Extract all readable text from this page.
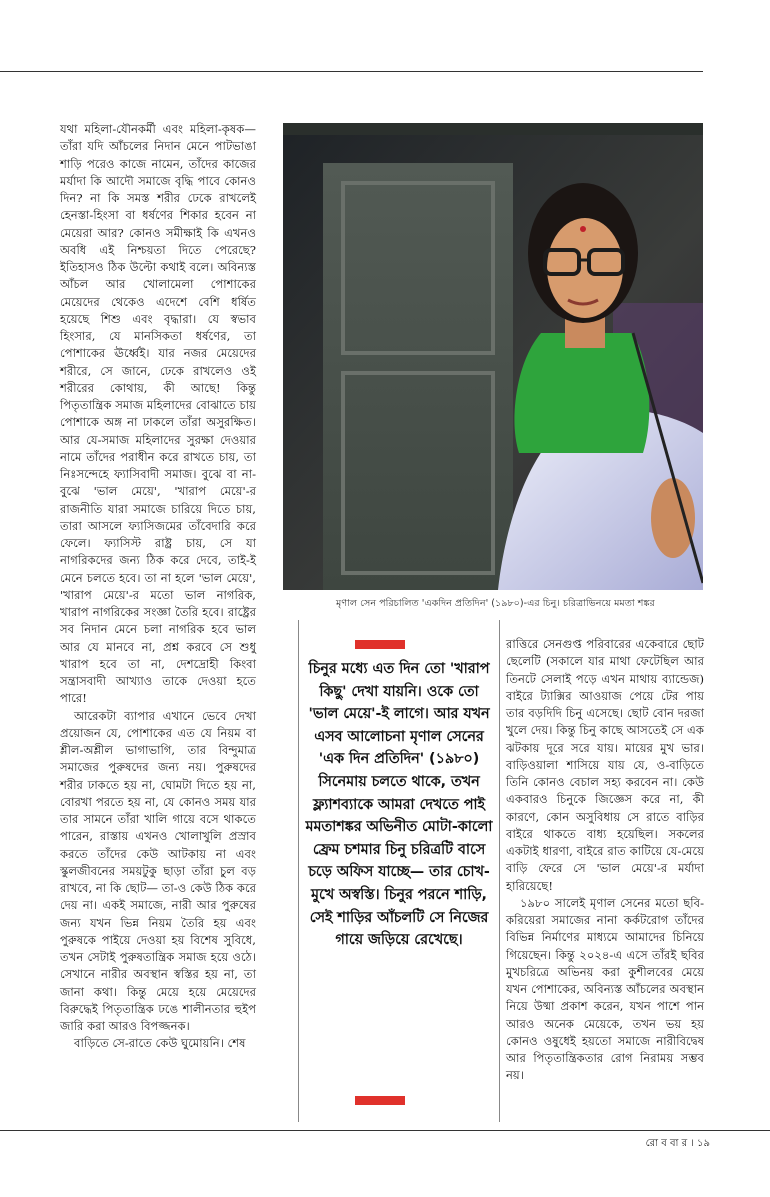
যথা মহিলা-যৌনকর্মী এবং মহিলা-কৃষক— তাঁরা যদি আঁচলের নিদান মেনে পাটভাঙা শাড়ি পরেও কাজে নামেন, তাঁদের কাজের মর্যাদা কি আদৌ সমাজে বৃদ্ধি পাবে কোনও দিন? না কি সমস্ত শরীর ঢেকে রাখলেই হেনস্তা-হিংসা বা ধর্ষণের শিকার হবেন না মেয়েরা আর? কোনও সমীক্ষাই কি এখনও অবধি এই নিশ্চয়তা দিতে পেরেছে? ইতিহাসও ঠিক উল্টো কথাই বলে। অবিন্যস্ত আঁচল আর খোলামেলা পোশাকের মেয়েদের থেকেও এদেশে বেশি ধর্ষিত হয়েছে শিশু এবং বৃদ্ধারা। যে স্বভাব হিংসার, যে মানসিকতা ধর্ষণের, তা পোশাকের ঊর্ধ্বেই। যার নজর মেয়েদের শরীরে, সে জানে, ঢেকে রাখলেও ওই শরীরের কোথায়, কী আছে! কিন্তু পিতৃতান্ত্রিক সমাজ মহিলাদের বোঝাতে চায় পোশাকে অঙ্গ না ঢাকলে তাঁরা অসুরক্ষিত। আর যে-সমাজ মহিলাদের সুরক্ষা দেওয়ার নামে তাঁদের পরাধীন করে রাখতে চায়, তা নিঃসন্দেহে ফ্যাসিবাদী সমাজ। বুঝে বা না-বুঝে 'ভাল মেয়ে', 'খারাপ মেয়ে'-র রাজনীতি যারা সমাজে চারিয়ে দিতে চায়, তারা আসলে ফ্যাসিজমের তাঁবেদারি করে ফেলে। ফ্যাসিস্ট রাষ্ট্র চায়, সে যা নাগরিকদের জন্য ঠিক করে দেবে, তাই-ই মেনে চলতে হবে। তা না হলে 'ভাল মেয়ে', 'খারাপ মেয়ে'-র মতো ভাল নাগরিক, খারাপ নাগরিকের সংজ্ঞা তৈরি হবে। রাষ্ট্রের সব নিদান মেনে চলা নাগরিক হবে ভাল আর যে মানবে না, প্রশ্ন করবে সে শুধু খারাপ হবে তা না, দেশদ্রোহী কিংবা সন্ত্রাসবাদী আখ্যাও তাকে দেওয়া হতে পারে!

আরেকটা ব্যাপার এখানে ভেবে দেখা প্রয়োজন যে, পোশাকের এত যে নিয়ম বা শ্লীল-অশ্লীল ভাগাভাগি, তার বিন্দুমাত্র সমাজের পুরুষদের জন্য নয়। পুরুষদের শরীর ঢাকতে হয় না, ঘোমটা দিতে হয় না, বোরখা পরতে হয় না, যে কোনও সময় যার তার সামনে তাঁরা খালি গায়ে বসে থাকতে পারেন, রাস্তায় এখনও খোলাখুলি প্রস্রাব করতে তাঁদের কেউ আটকায় না এবং স্কুলজীবনের সময়টুকু ছাড়া তাঁরা চুল বড় রাখবে, না কি ছোট— তা-ও কেউ ঠিক করে দেয় না। একই সমাজে, নারী আর পুরুষের জন্য যখন ভিন্ন নিয়ম তৈরি হয় এবং পুরুষকে পাইয়ে দেওয়া হয় বিশেষ সুবিধে, তখন সেটাই পুরুষতান্ত্রিক সমাজ হয়ে ওঠে। সেখানে নারীর অবস্থান স্বস্তির হয় না, তা জানা কথা। কিন্তু মেয়ে হয়ে মেয়েদের বিরুদ্ধেই পিতৃতান্ত্রিক ঢঙে শালীনতার হুইপ জারি করা আরও বিপজ্জনক।

বাড়িতে সে-রাতে কেউ ঘুমোয়নি। শেষ

মৃণাল সেন পরিচালিত 'একদিন প্রতিদিন' (১৯৮০)-এর চিনু। চরিত্রাভিনয়ে মমতা শঙ্কর
চিনুর মধ্যে এত দিন তো 'খারাপ কিছু' দেখা যায়নি। ওকে তো 'ভাল মেয়ে'-ই লাগে। আর যখন এসব আলোচনা মৃণাল সেনের 'এক দিন প্রতিদিন' (১৯৮০) সিনেমায় চলতে থাকে, তখন ফ্ল্যাশব্যাকে আমরা দেখতে পাই মমতাশঙ্কর অভিনীত মোটা-কালো ফ্রেম চশমার চিনু চরিত্রটি বাসে চড়ে অফিস যাচ্ছে— তার চোখ-মুখে অস্বস্তি। চিনুর পরনে শাড়ি, সেই শাড়ির আঁচলটি সে নিজের গায়ে জড়িয়ে রেখেছে।

রাত্তিরে সেনগুপ্ত পরিবারের একেবারে ছোট ছেলেটি (সকালে যার মাথা ফেটেছিল আর তিনটে সেলাই পড়ে এখন মাথায় ব্যান্ডেজ) বাইরে ট্যাক্সির আওয়াজ পেয়ে টের পায় তার বড়দিদি চিনু এসেছে। ছোট বোন দরজা খুলে দেয়। কিন্তু চিনু কাছে আসতেই সে এক ঝটকায় দূরে সরে যায়। মায়ের মুখ ভার। বাড়িওয়ালা শাসিয়ে যায় যে, ও-বাড়িতে তিনি কোনও বেচাল সহ্য করবেন না। কেউ একবারও চিনুকে জিজ্ঞেস করে না, কী কারণে, কোন অসুবিধায় সে রাতে বাড়ির বাইরে থাকতে বাধ্য হয়েছিল। সকলের একটাই ধারণা, বাইরে রাত কাটিয়ে যে-মেয়ে বাড়ি ফেরে সে 'ভাল মেয়ে'-র মর্যাদা হারিয়েছে!

১৯৮০ সালেই মৃণাল সেনের মতো ছবি-করিয়েরা সমাজের নানা কর্কটরোগ তাঁদের বিভিন্ন নির্মাণের মাধ্যমে আমাদের চিনিয়ে গিয়েছেন। কিন্তু ২০২৪-এ এসে তাঁরই ছবির মুখচরিত্রে অভিনয় করা কুশীলবের মেয়ে যখন পোশাকের, অবিন্যস্ত আঁচলের অবস্থান নিয়ে উষ্মা প্রকাশ করেন, যখন পাশে পান আরও অনেক মেয়েকে, তখন ভয় হয় কোনও ওষুধেই হয়তো সমাজে নারীবিদ্বেষ আর পিতৃতান্ত্রিকতার রোগ নিরাময় সম্ভব নয়।

রো ব বা র । ১৯
